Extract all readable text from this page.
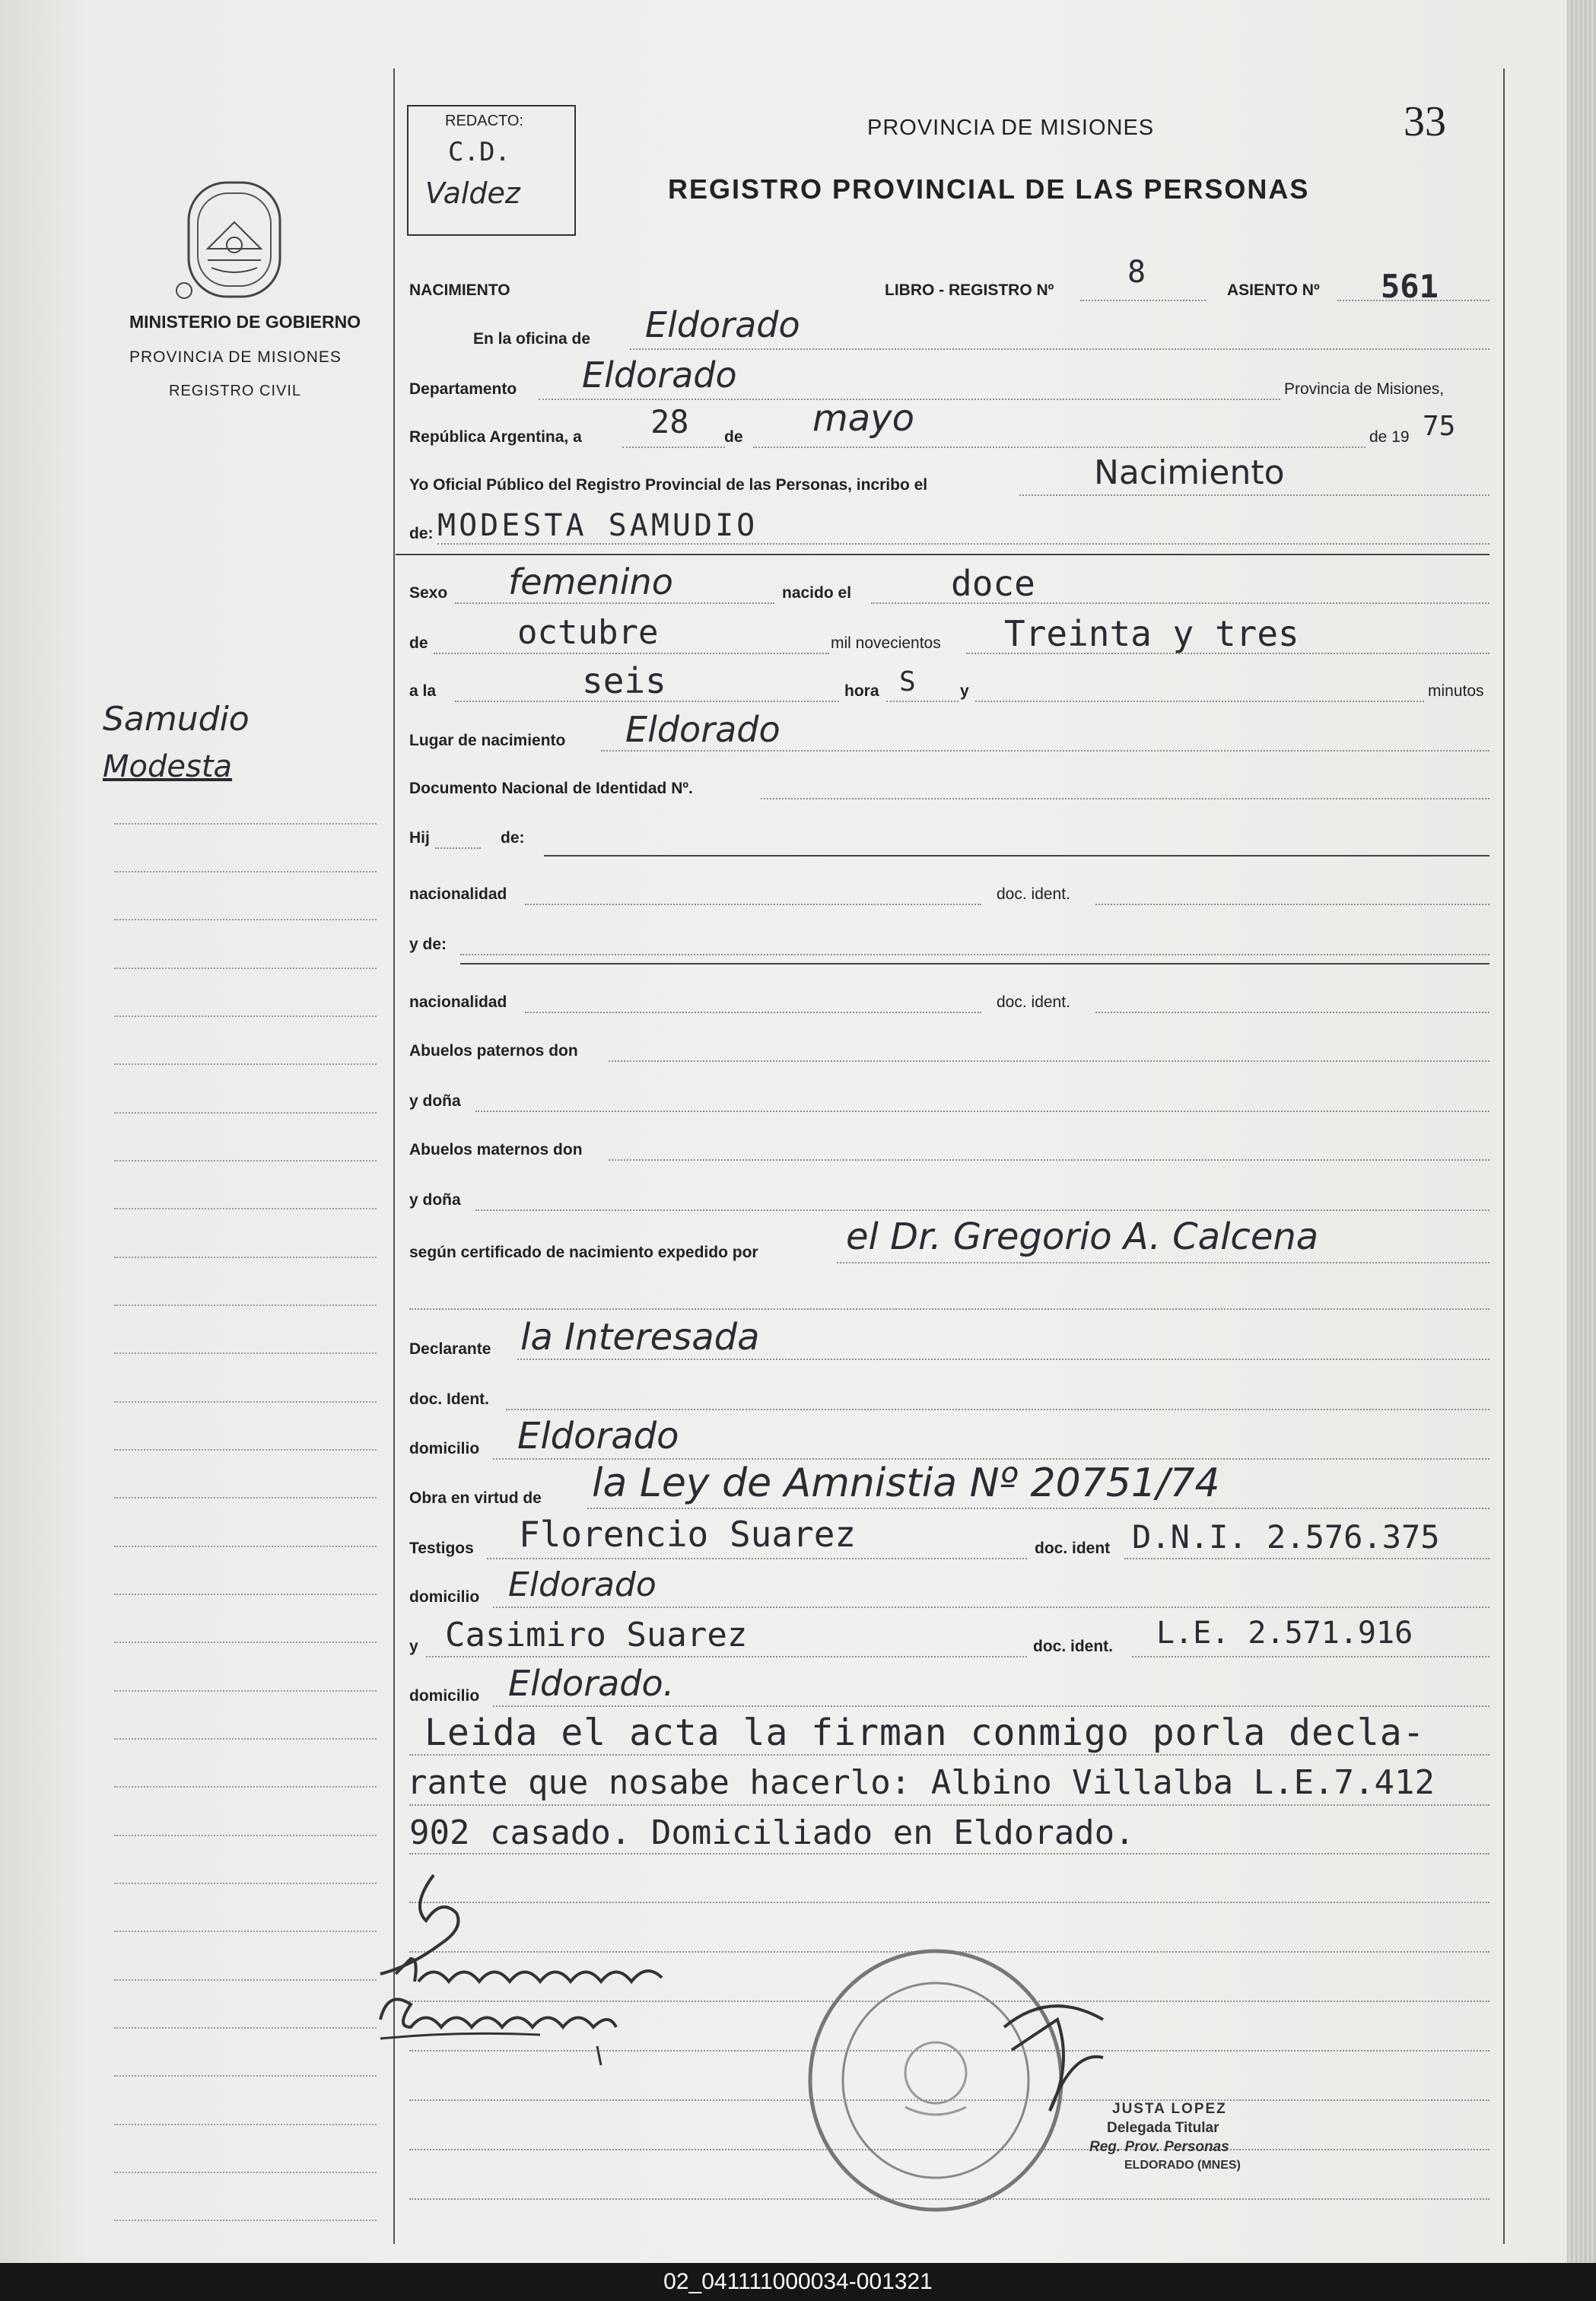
MINISTERIO DE GOBIERNO
PROVINCIA DE MISIONES
REGISTRO CIVIL
Samudio
Modesta
REDACTO:
C.D.
Valdez
PROVINCIA DE MISIONES	33
REGISTRO PROVINCIAL DE LAS PERSONAS
NACIMIENTO	LIBRO - REGISTRO Nº
8
ASIENTO Nº 561
En la oficina de Eldorado
Departamento Eldorado	Provincia de Misiones,
República Argentina, a 28 de mayo	de 19 75
Yo Oficial Público del Registro Provincial de las Personas, incribo el	Nacimiento
de: MODESTA SAMUDIO
Sexo femenino	nacido el	doce
de	octubre	mil novecientos Treinta y tres
a la	seis	hora S	y	minutos
Lugar de nacimiento Eldorado
Documento Nacional de Identidad Nº.
Hij	de:
nacionalidad	doc. ident.
y de:
nacionalidad	doc. ident.
Abuelos paternos don
y doña
Abuelos maternos don
y doña
según certificado de nacimiento expedido por el Dr. Gregorio A. Calcena
Declarante la Interesada
doc. Ident.
domicilio Eldorado
Obra en virtud de la Ley de Amnistia Nº 20751/74
Testigos Florencio Suarez	doc. ident D.N.I. 2.576.375
domicilio Eldorado
y Casimiro Suarez	doc. ident. L.E. 2.571.916
domicilio Eldorado.
Leida el acta la firman conmigo porla decla-
rante que nosabe hacerlo: Albino Villalba L.E.7.412
902 casado. Domiciliado en Eldorado.
JUSTA LOPEZ
Delegada Titular
Reg. Prov. Personas
ELDORADO (MNES)
02_041111000034-001321
